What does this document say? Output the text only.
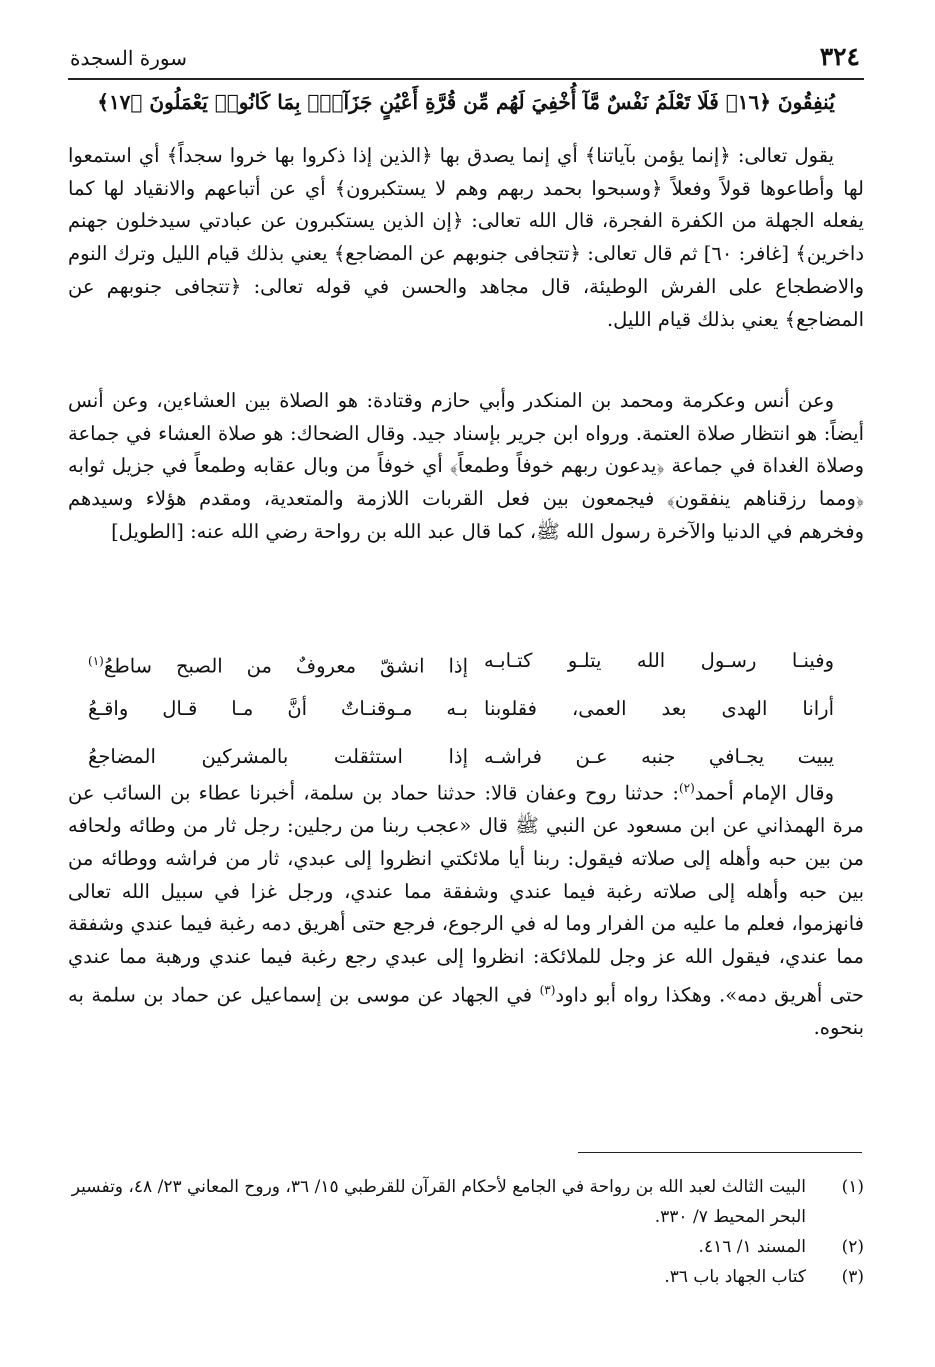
٣٢٤
سورة السجدة
يُنفِقُونَ ﴿١٦﴾ فَلَا تَعْلَمُ نَفْسٌ مَّآ أُخْفِيَ لَهُم مِّن قُرَّةِ أَعْيُنٍ جَزَآءًۢ بِمَا كَانُوا۟ يَعْمَلُونَ ﴿١٧﴾

يقول تعالى: ﴿إنما يؤمن بآياتنا﴾ أي إنما يصدق بها ﴿الذين إذا ذكروا بها خروا سجداً﴾ أي استمعوا لها وأطاعوها قولاً وفعلاً ﴿وسبحوا بحمد ربهم وهم لا يستكبرون﴾ أي عن أتباعهم والانقياد لها كما يفعله الجهلة من الكفرة الفجرة، قال الله تعالى: ﴿إن الذين يستكبرون عن عبادتي سيدخلون جهنم داخرين﴾ [غافر: ٦٠] ثم قال تعالى: ﴿تتجافى جنوبهم عن المضاجع﴾ يعني بذلك قيام الليل وترك النوم والاضطجاع على الفرش الوطيئة، قال مجاهد والحسن في قوله تعالى: ﴿تتجافى جنوبهم عن المضاجع﴾ يعني بذلك قيام الليل.

وعن أنس وعكرمة ومحمد بن المنكدر وأبي حازم وقتادة: هو الصلاة بين العشاءين، وعن أنس أيضاً: هو انتظار صلاة العتمة. ورواه ابن جرير بإسناد جيد. وقال الضحاك: هو صلاة العشاء في جماعة وصلاة الغداة في جماعة ﴿يدعون ربهم خوفاً وطمعاً﴾ أي خوفاً من وبال عقابه وطمعاً في جزيل ثوابه ﴿ومما رزقناهم ينفقون﴾ فيجمعون بين فعل القربات اللازمة والمتعدية، ومقدم هؤلاء وسيدهم وفخرهم في الدنيا والآخرة رسول الله ﷺ، كما قال عبد الله بن رواحة رضي الله عنه: [الطويل]

وفينـا رسـول الله يتلـو كتـابـه
إذا انشقّ معروفٌ من الصبح ساطعُ$^{(١)}$
أرانا الهدى بعد العمى، فقلوبنا
بـه مـوقنـاتٌ أنَّ مـا قـال واقـعُ
يبيت يجـافي جنبه عـن فراشـه
إذا استثقلت بالمشركين المضاجعُ

وقال الإمام أحمد$^{(٢)}$: حدثنا روح وعفان قالا: حدثنا حماد بن سلمة، أخبرنا عطاء بن السائب عن مرة الهمذاني عن ابن مسعود عن النبي ﷺ قال «عجب ربنا من رجلين: رجل ثار من وطائه ولحافه من بين حبه وأهله إلى صلاته فيقول: ربنا أيا ملائكتي انظروا إلى عبدي، ثار من فراشه ووطائه من بين حبه وأهله إلى صلاته رغبة فيما عندي وشفقة مما عندي، ورجل غزا في سبيل الله تعالى فانهزموا، فعلم ما عليه من الفرار وما له في الرجوع، فرجع حتى أهريق دمه رغبة فيما عندي وشفقة مما عندي، فيقول الله عز وجل للملائكة: انظروا إلى عبدي رجع رغبة فيما عندي ورهبة مما عندي حتى أهريق دمه». وهكذا رواه أبو داود$^{(٣)}$ في الجهاد عن موسى بن إسماعيل عن حماد بن سلمة به بنحوه.

(١)
البيت الثالث لعبد الله بن رواحة في الجامع لأحكام القرآن للقرطبي ١٥/ ٣٦، وروح المعاني ٢٣/ ٤٨، وتفسير البحر المحيط ٧/ ٣٣٠.
(٢)
المسند ١/ ٤١٦.
(٣)
كتاب الجهاد باب ٣٦.
